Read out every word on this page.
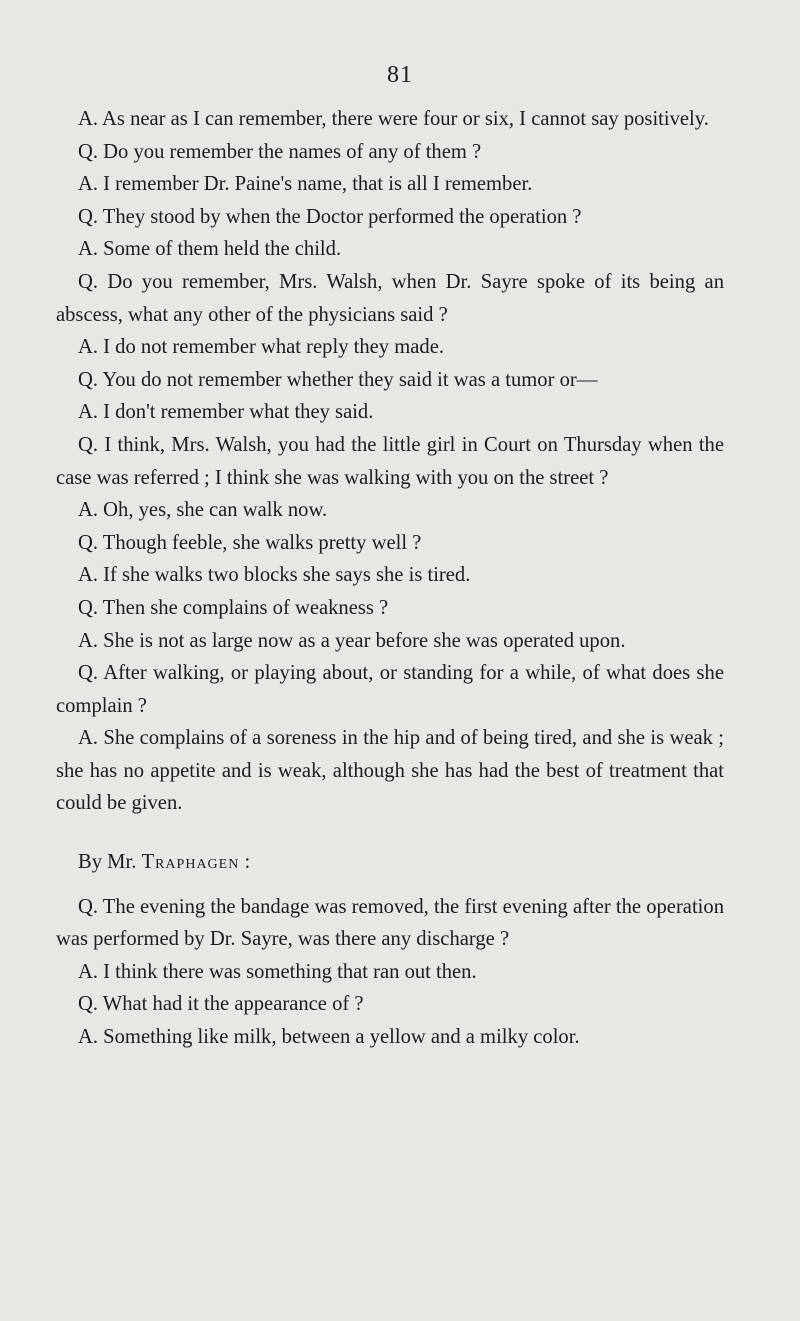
81

A. As near as I can remember, there were four or six, I cannot say positively.

Q. Do you remember the names of any of them ?

A. I remember Dr. Paine's name, that is all I remember.

Q. They stood by when the Doctor performed the operation ?

A. Some of them held the child.

Q. Do you remember, Mrs. Walsh, when Dr. Sayre spoke of its being an abscess, what any other of the physicians said ?

A. I do not remember what reply they made.

Q. You do not remember whether they said it was a tumor or—

A. I don't remember what they said.

Q. I think, Mrs. Walsh, you had the little girl in Court on Thursday when the case was referred ; I think she was walking with you on the street ?

A. Oh, yes, she can walk now.

Q. Though feeble, she walks pretty well ?

A. If she walks two blocks she says she is tired.

Q. Then she complains of weakness ?

A. She is not as large now as a year before she was operated upon.

Q. After walking, or playing about, or standing for a while, of what does she complain ?

A. She complains of a soreness in the hip and of being tired, and she is weak ; she has no appetite and is weak, although she has had the best of treatment that could be given.

By Mr. Traphagen :

Q. The evening the bandage was removed, the first evening after the operation was performed by Dr. Sayre, was there any discharge ?

A. I think there was something that ran out then.

Q. What had it the appearance of ?

A. Something like milk, between a yellow and a milky color.
